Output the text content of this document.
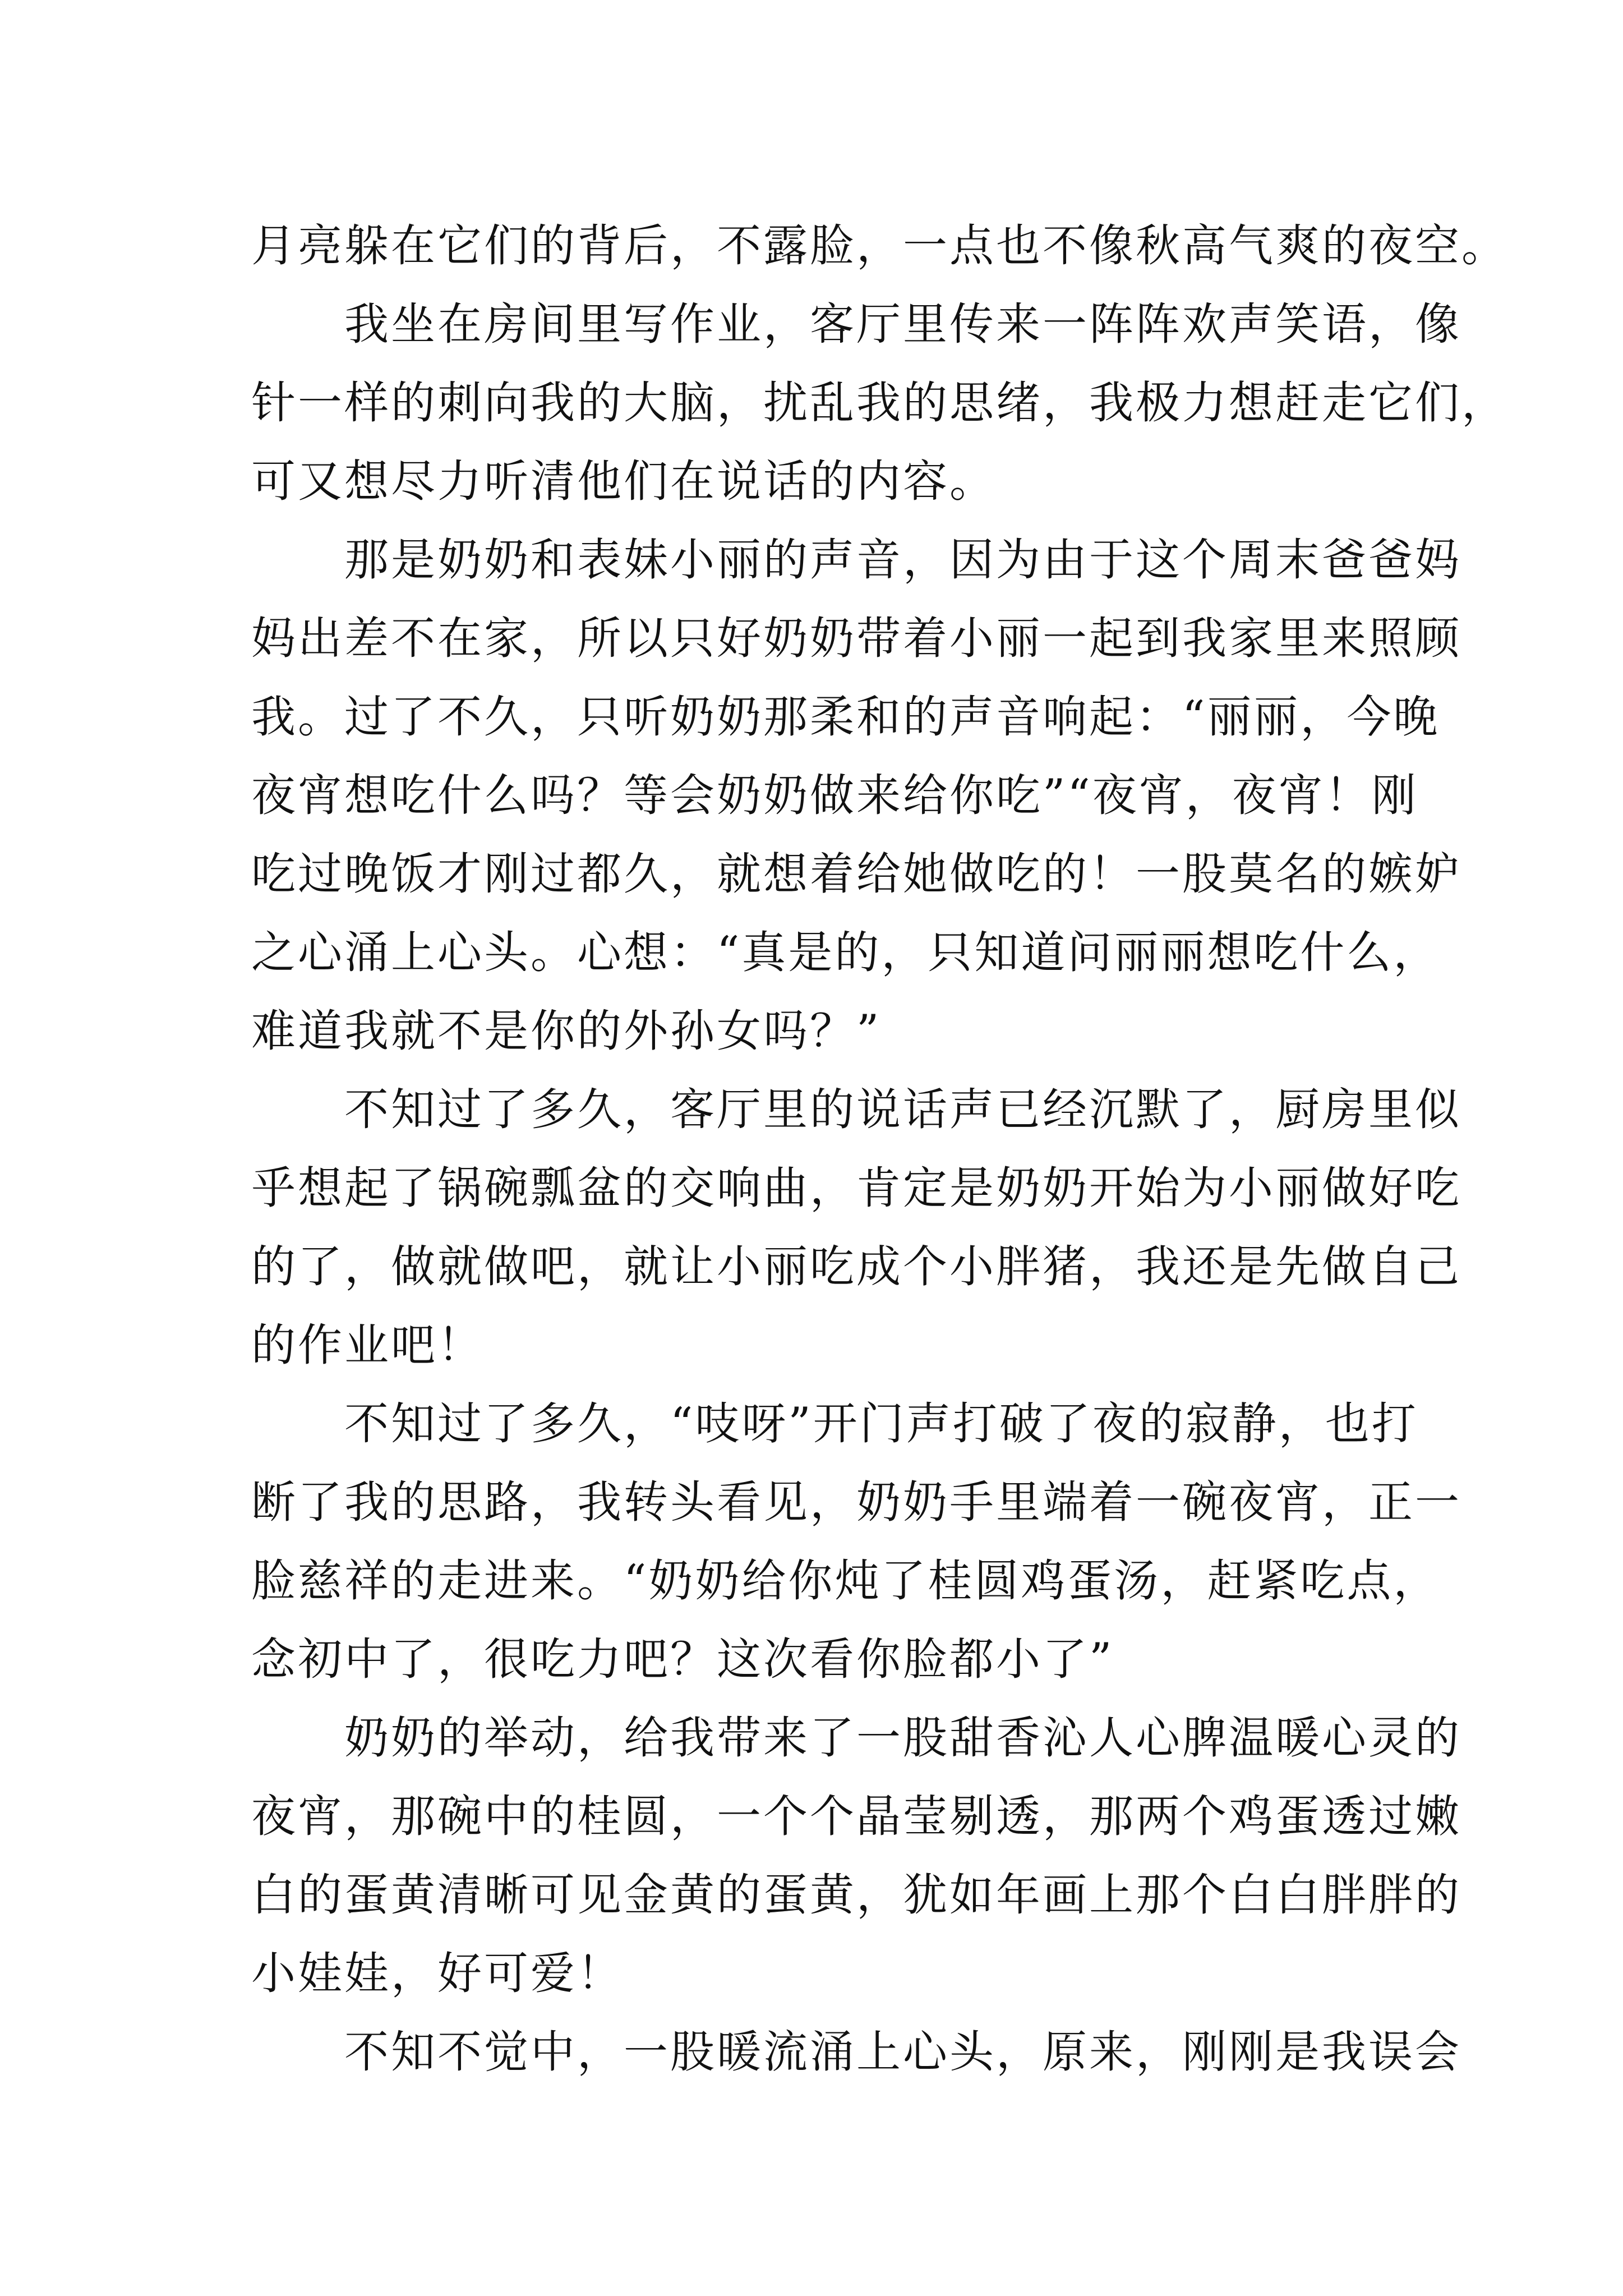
月亮躲在它们的背后，不露脸，一点也不像秋高气爽的夜空。
我坐在房间里写作业，客厅里传来一阵阵欢声笑语，像
针一样的刺向我的大脑，扰乱我的思绪，我极力想赶走它们，
可又想尽力听清他们在说话的内容。
那是奶奶和表妹小丽的声音，因为由于这个周末爸爸妈
妈出差不在家，所以只好奶奶带着小丽一起到我家里来照顾
我。过了不久，只听奶奶那柔和的声音响起：“丽丽，今晚
夜宵想吃什么吗？等会奶奶做来给你吃”“夜宵，夜宵！刚
吃过晚饭才刚过都久，就想着给她做吃的！一股莫名的嫉妒
之心涌上心头。心想：“真是的，只知道问丽丽想吃什么，
难道我就不是你的外孙女吗？”
不知过了多久，客厅里的说话声已经沉默了，厨房里似
乎想起了锅碗瓢盆的交响曲，肯定是奶奶开始为小丽做好吃
的了，做就做吧，就让小丽吃成个小胖猪，我还是先做自己
的作业吧！
不知过了多久，“吱呀”开门声打破了夜的寂静，也打
断了我的思路，我转头看见，奶奶手里端着一碗夜宵，正一
脸慈祥的走进来。“奶奶给你炖了桂圆鸡蛋汤，赶紧吃点，
念初中了，很吃力吧？这次看你脸都小了”
奶奶的举动，给我带来了一股甜香沁人心脾温暖心灵的
夜宵，那碗中的桂圆，一个个晶莹剔透，那两个鸡蛋透过嫩
白的蛋黄清晰可见金黄的蛋黄，犹如年画上那个白白胖胖的
小娃娃，好可爱！
不知不觉中，一股暖流涌上心头，原来，刚刚是我误会
